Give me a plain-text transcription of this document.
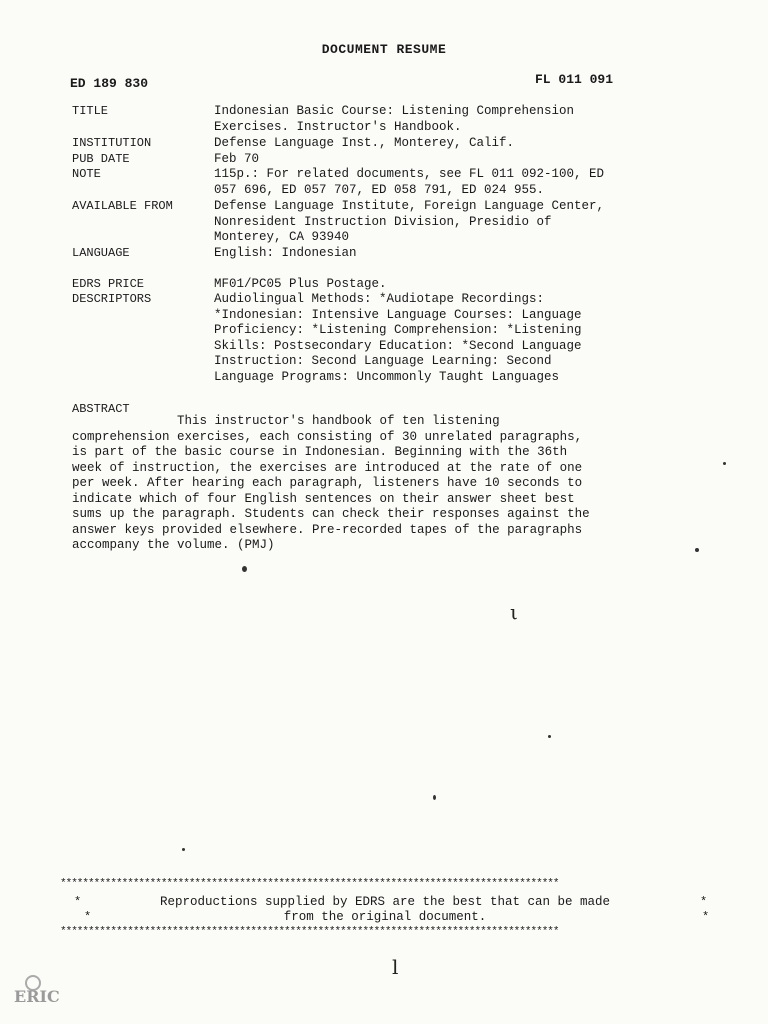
DOCUMENT RESUME
ED 189 830	FL 011 091
TITLE	Indonesian Basic Course: Listening Comprehension
Exercises. Instructor's Handbook.
INSTITUTION	Defense Language Inst., Monterey, Calif.
PUB DATE	Feb 70
NOTE	115p.: For related documents, see FL 011 092-100, ED
057 696, ED 057 707, ED 058 791, ED 024 955.
AVAILABLE FROM	Defense Language Institute, Foreign Language Center,
Nonresident Instruction Division, Presidio of
Monterey, CA 93940
LANGUAGE	English: Indonesian
EDRS PRICE	MF01/PC05 Plus Postage.
DESCRIPTORS	Audiolingual Methods: *Audiotape Recordings:
*Indonesian: Intensive Language Courses: Language
Proficiency: *Listening Comprehension: *Listening
Skills: Postsecondary Education: *Second Language
Instruction: Second Language Learning: Second
Language Programs: Uncommonly Taught Languages
ABSTRACT
This instructor's handbook of ten listening
comprehension exercises, each consisting of 30 unrelated paragraphs,
is part of the basic course in Indonesian. Beginning with the 36th
week of instruction, the exercises are introduced at the rate of one
per week. After hearing each paragraph, listeners have 10 seconds to
indicate which of four English sentences on their answer sheet best
sums up the paragraph. Students can check their responses against the
answer keys provided elsewhere. Pre-recorded tapes of the paragraphs
accompany the volume. (PMJ)
ι
l
*****************************************************************************************
*
*
*
*
Reproductions supplied by EDRS are the best that can be made
from the original document.
*****************************************************************************************
ERIC
